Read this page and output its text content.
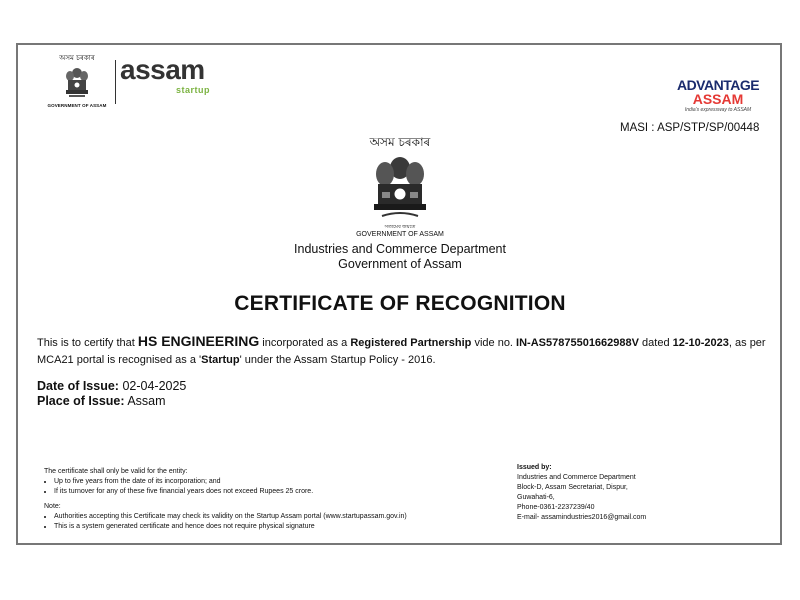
অসম চৰকাৰ
GOVERNMENT OF ASSAM
assam
startup	ADVANTAGE
ASSAM
India's expressway to ASSAM
MASI : ASP/STP/SP/00448
অসম চৰকাৰ
সত্যমেব জয়তে
GOVERNMENT OF ASSAM
Industries and Commerce Department
Government of Assam
CERTIFICATE OF RECOGNITION
This is to certify that HS ENGINEERING incorporated as a Registered Partnership vide no. IN-AS57875501662988V dated 12-10-2023, as per MCA21 portal is recognised as a 'Startup' under the Assam Startup Policy - 2016.
Date of Issue: 02-04-2025
Place of Issue: Assam
The certificate shall only be valid for the entity:
• Up to five years from the date of its incorporation; and
• If its turnover for any of these five financial years does not exceed Rupees 25 crore.
Note:
• Authorities accepting this Certificate may check its validity on the Startup Assam portal (www.startupassam.gov.in)
• This is a system generated certificate and hence does not require physical signature
Issued by:
Industries and Commerce Department
Block-D, Assam Secretariat, Dispur,
Guwahati-6,
Phone-0361-2237239/40
E-mail- assamindustries2016@gmail.com
